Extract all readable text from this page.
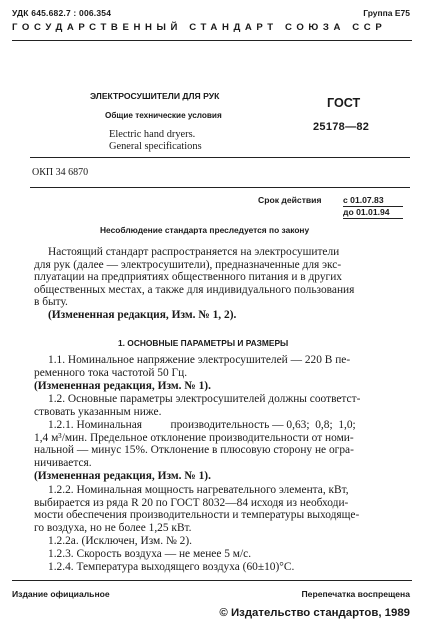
УДК 645.682.7 : 006.354	Группа Е75
ГОСУДАРСТВЕННЫЙ СТАНДАРТ СОЮЗА ССР
ЭЛЕКТРОСУШИТЕЛИ ДЛЯ РУК
Общие технические условия
Electric hand dryers.
General specifications
ГОСТ
25178—82
ОКП 34 6870
Срок действия	с 01.07.83
до 01.01.94
Несоблюдение стандарта преследуется по закону
Настоящий стандарт распространяется на электросушители
для рук (далее — электросушители), предназначенные для экс-
плуатации на предприятиях общественного питания и в других
общественных местах, а также для индивидуального пользования
в быту.
(Измененная редакция, Изм. № 1, 2).
1. ОСНОВНЫЕ ПАРАМЕТРЫ И РАЗМЕРЫ
1.1. Номинальное напряжение электросушителей — 220 В пе-
ременного тока частотой 50 Гц.
(Измененная редакция, Изм. № 1).
1.2. Основные параметры электросушителей должны соответст-
ствовать указанным ниже.
1.2.1. Номинальная          производительность — 0,63;  0,8;  1,0;
1,4 м³/мин. Предельное отклонение производительности от номи-
нальной — минус 15%. Отклонение в плюсовую сторону не огра-
ничивается.
(Измененная редакция, Изм. № 1).
1.2.2. Номинальная мощность нагревательного элемента, кВт,
выбирается из ряда R 20 по ГОСТ 8032—84 исходя из необходи-
мости обеспечения производительности и температуры выходяще-
го воздуха, но не более 1,25 кВт.
1.2.2а. (Исключен, Изм. № 2).
1.2.3. Скорость воздуха — не менее 5 м/с.
1.2.4. Температура выходящего воздуха (60±10)°С.
Издание официальное	Перепечатка воспрещена
© Издательство стандартов, 1989
